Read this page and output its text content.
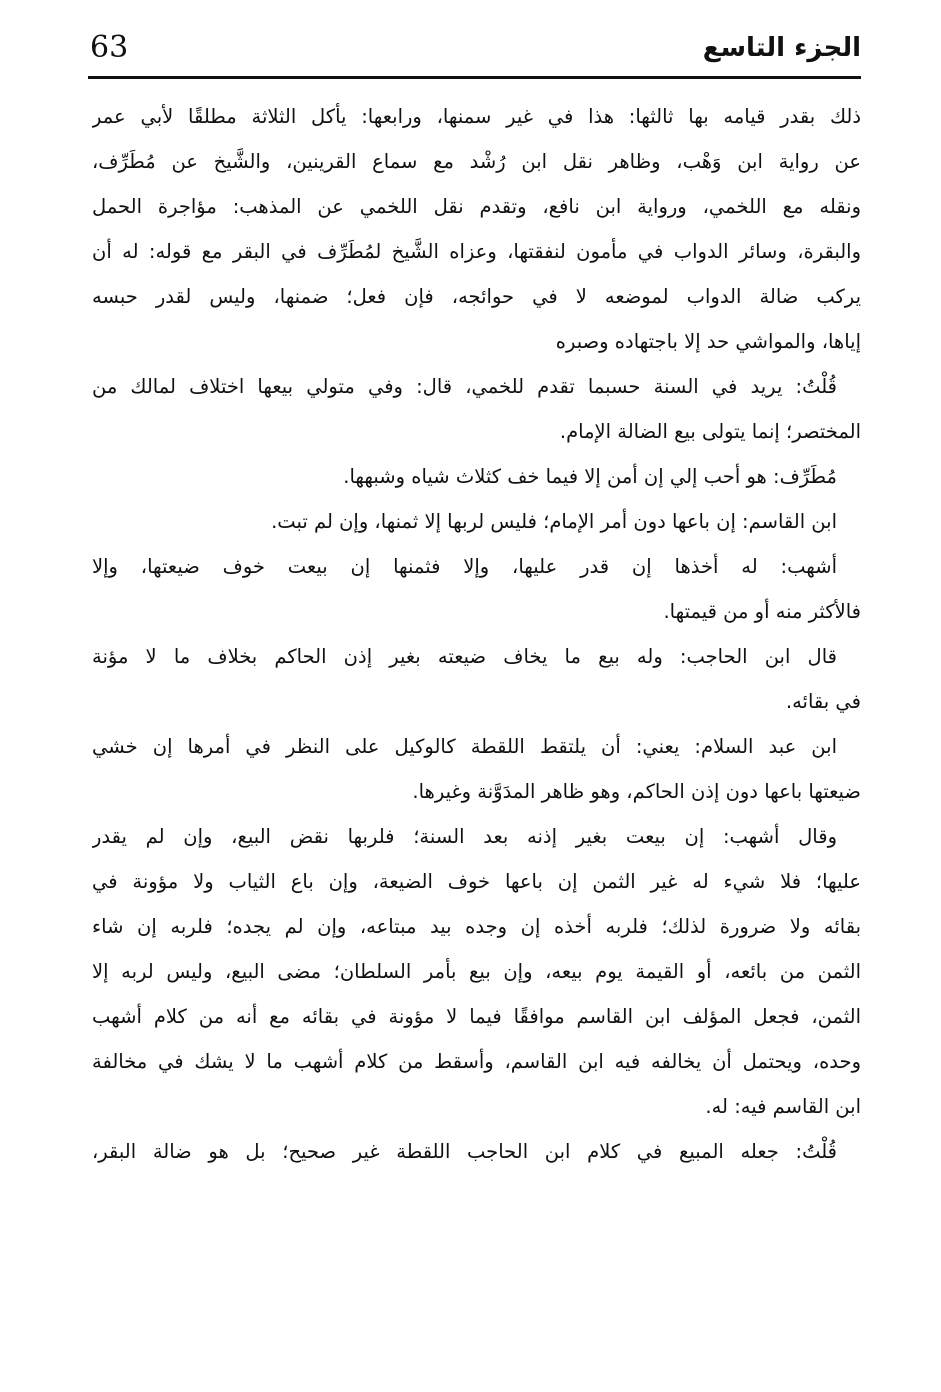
63	الجزء التاسع
ذلك بقدر قيامه بها ثالثها: هذا في غير سمنها، ورابعها: يأكل الثلاثة مطلقًا لأبي عمر
عن رواية ابن وَهْب، وظاهر نقل ابن رُشْد مع سماع القرينين، والشَّيخ عن مُطَرِّف،
ونقله مع اللخمي، ورواية ابن نافع، وتقدم نقل اللخمي عن المذهب: مؤاجرة الحمل
والبقرة، وسائر الدواب في مأمون لنفقتها، وعزاه الشَّيخ لمُطَرِّف في البقر مع قوله: له أن
يركب ضالة الدواب لموضعه لا في حوائجه، فإن فعل؛ ضمنها، وليس لقدر حبسه
إياها، والمواشي حد إلا باجتهاده وصبره
قُلْتُ: يريد في السنة حسبما تقدم للخمي، قال: وفي متولي بيعها اختلاف لمالك من
المختصر؛ إنما يتولى بيع الضالة الإمام.
مُطَرِّف: هو أحب إلي إن أمن إلا فيما خف كثلاث شياه وشبهها.
ابن القاسم: إن باعها دون أمر الإمام؛ فليس لربها إلا ثمنها، وإن لم تبت.
أشهب: له أخذها إن قدر عليها، وإلا فثمنها إن بيعت خوف ضيعتها، وإلا
فالأكثر منه أو من قيمتها.
قال ابن الحاجب: وله بيع ما يخاف ضيعته بغير إذن الحاكم بخلاف ما لا مؤنة
في بقائه.
ابن عبد السلام: يعني: أن يلتقط اللقطة كالوكيل على النظر في أمرها إن خشي
ضيعتها باعها دون إذن الحاكم، وهو ظاهر المدَوَّنة وغيرها.
وقال أشهب: إن بيعت بغير إذنه بعد السنة؛ فلربها نقض البيع، وإن لم يقدر
عليها؛ فلا شيء له غير الثمن إن باعها خوف الضيعة، وإن باع الثياب ولا مؤونة في
بقائه ولا ضرورة لذلك؛ فلربه أخذه إن وجده بيد مبتاعه، وإن لم يجده؛ فلربه إن شاء
الثمن من بائعه، أو القيمة يوم بيعه، وإن بيع بأمر السلطان؛ مضى البيع، وليس لربه إلا
الثمن، فجعل المؤلف ابن القاسم موافقًا فيما لا مؤونة في بقائه مع أنه من كلام أشهب
وحده، ويحتمل أن يخالفه فيه ابن القاسم، وأسقط من كلام أشهب ما لا يشك في مخالفة
ابن القاسم فيه: له.
قُلْتُ: جعله المبيع في كلام ابن الحاجب اللقطة غير صحيح؛ بل هو ضالة البقر،
